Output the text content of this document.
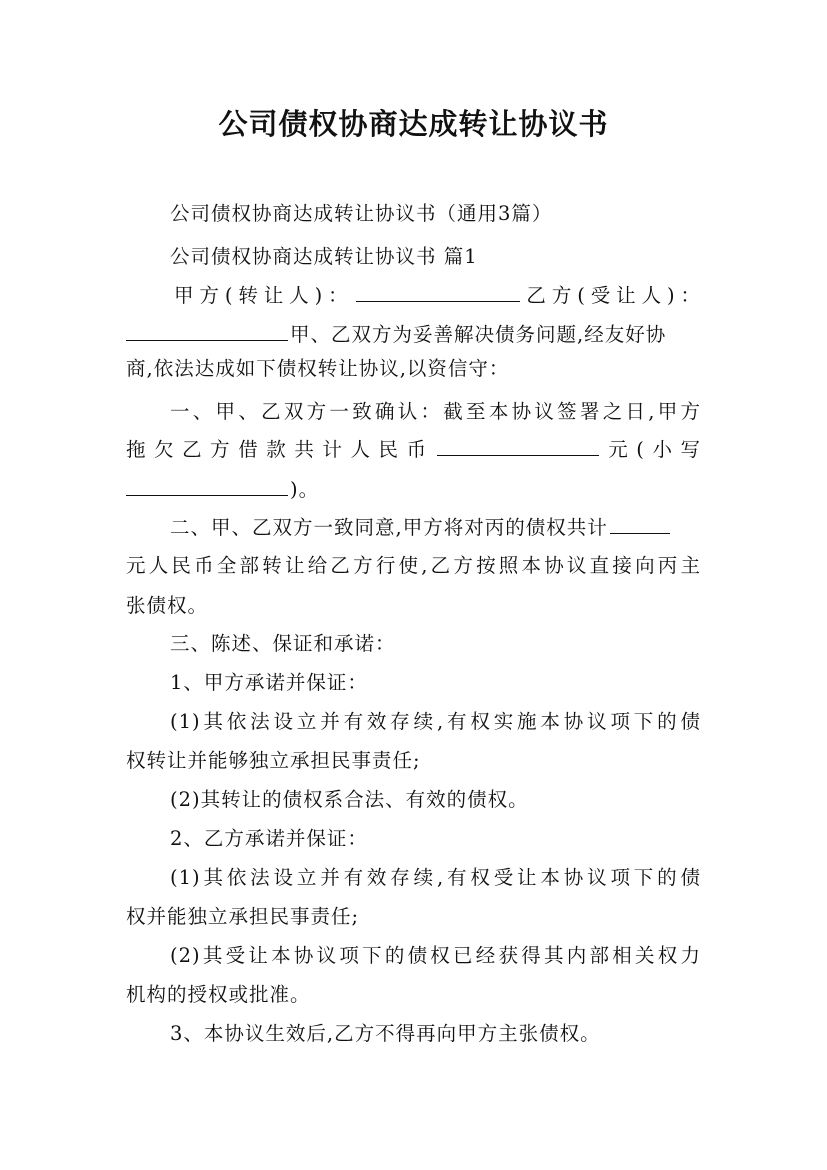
公司债权协商达成转让协议书
公司债权协商达成转让协议书（通用3篇）
公司债权协商达成转让协议书 篇1
甲方(转让人)：	乙方(受让人)：
甲、乙双方为妥善解决债务问题,经友好协
商,依法达成如下债权转让协议,以资信守：
一、甲、乙双方一致确认：截至本协议签署之日,甲方
拖欠乙方借款共计人民币	元(小写
)。
二、甲、乙双方一致同意,甲方将对丙的债权共计
元人民币全部转让给乙方行使,乙方按照本协议直接向丙主
张债权。
三、陈述、保证和承诺：
1、甲方承诺并保证：
(1)其依法设立并有效存续,有权实施本协议项下的债
权转让并能够独立承担民事责任;
(2)其转让的债权系合法、有效的债权。
2、乙方承诺并保证：
(1)其依法设立并有效存续,有权受让本协议项下的债
权并能独立承担民事责任;
(2)其受让本协议项下的债权已经获得其内部相关权力
机构的授权或批准。
3、本协议生效后,乙方不得再向甲方主张债权。
